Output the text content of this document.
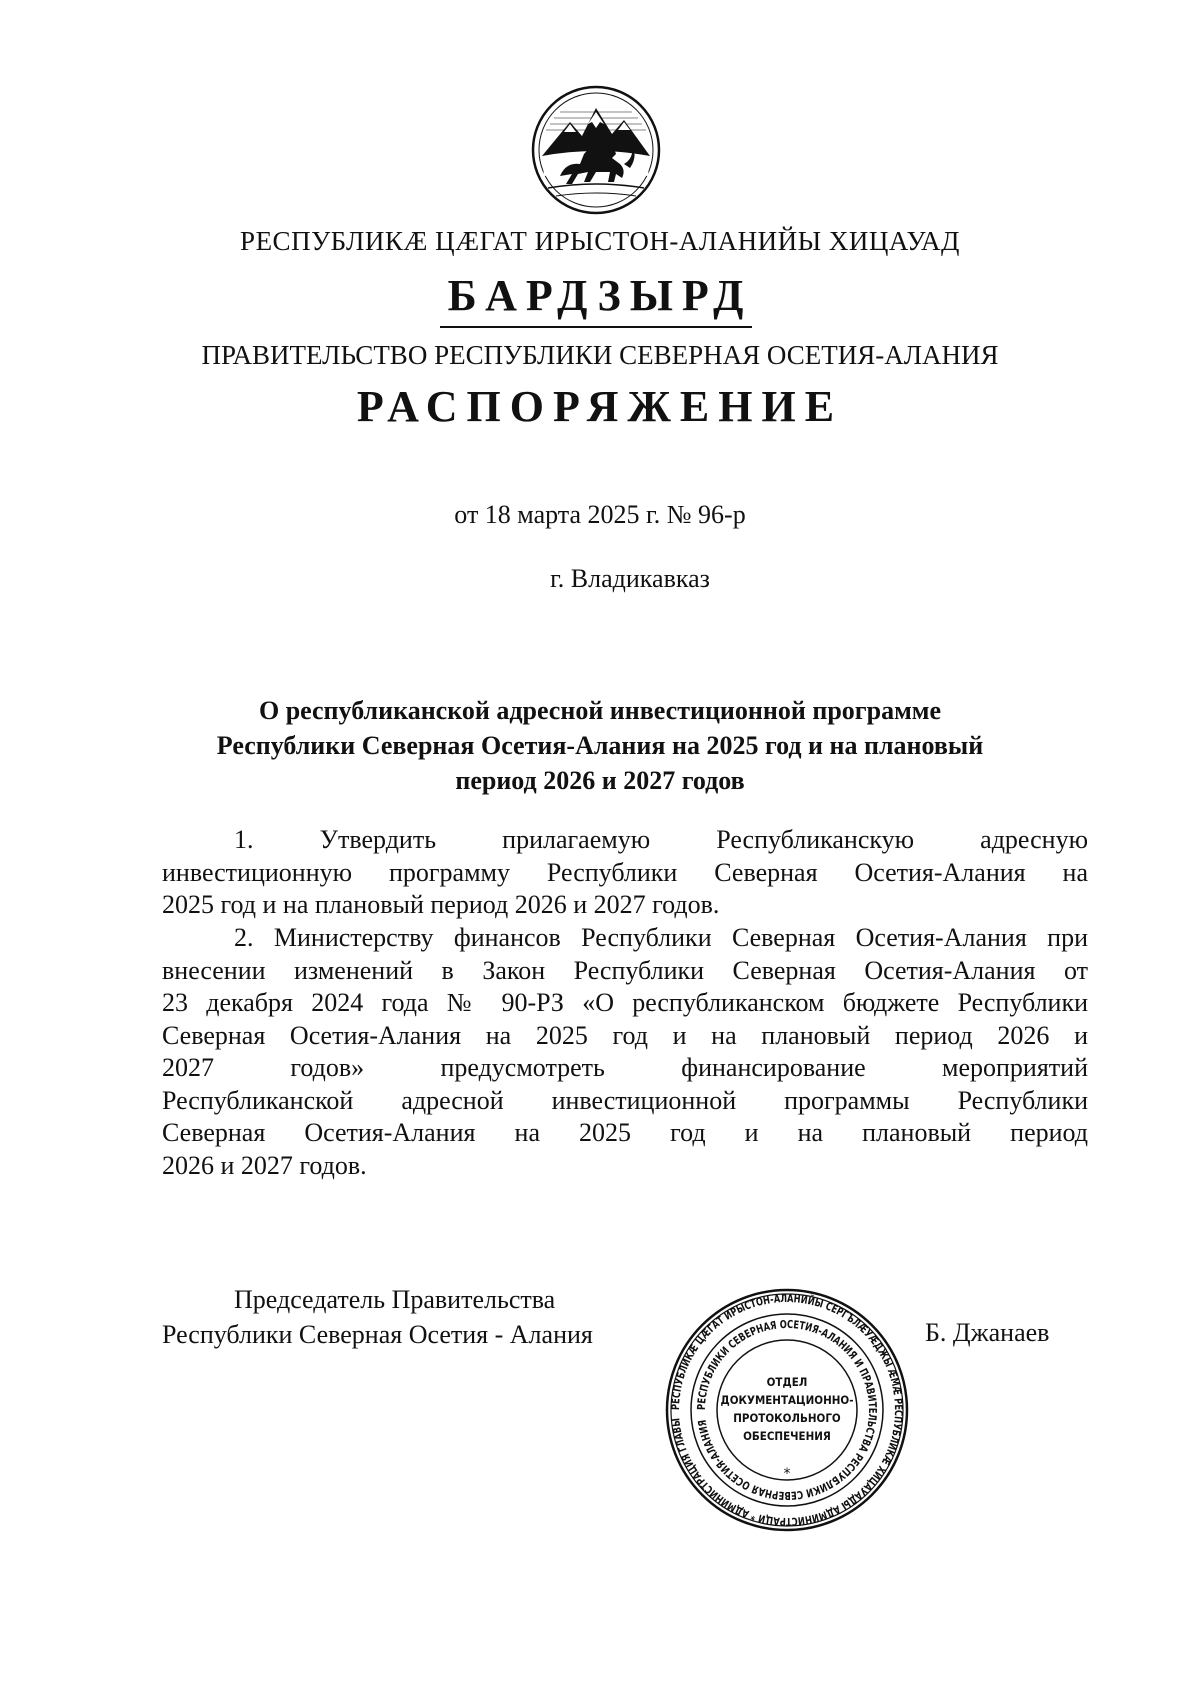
РЕСПУБЛИКÆ ЦÆГАТ ИРЫСТОН-АЛАНИЙЫ ХИЦАУАД
БАРДЗЫРД
ПРАВИТЕЛЬСТВО РЕСПУБЛИКИ СЕВЕРНАЯ ОСЕТИЯ-АЛАНИЯ
РАСПОРЯЖЕНИЕ
от 18 марта 2025 г. № 96-р
г. Владикавказ
О республиканской адресной инвестиционной программе
Республики Северная Осетия-Алания на 2025 год и на плановый
период 2026 и 2027 годов
1. Утвердить прилагаемую Республиканскую адресную
инвестиционную программу Республики Северная Осетия-Алания на
2025 год и на плановый период 2026 и 2027 годов.
2. Министерству финансов Республики Северная Осетия-Алания при
внесении изменений в Закон Республики Северная Осетия-Алания от
23 декабря 2024 года № 90-РЗ «О республиканском бюджете Республики
Северная Осетия-Алания на 2025 год и на плановый период 2026 и
2027 годов» предусмотреть финансирование мероприятий
Республиканской адресной инвестиционной программы Республики
Северная Осетия-Алания на 2025 год и на плановый период
2026 и 2027 годов.
Председатель Правительства
Республики Северная Осетия - Алания	Б. Джанаев
РЕСПУБЛИКÆ ЦÆГАТ ИРЫСТОН-АЛАНИЙЫ СЕРГЪЛÆУÆДЖЫ ÆМÆ РЕСПУБЛИКÆ ХИЦАУАДЫ АДМИНИСТРАЦИ * АДМИНИСТРАЦИЯ ГЛАВЫ
РЕСПУБЛИКИ СЕВЕРНАЯ ОСЕТИЯ-АЛАНИЯ И ПРАВИТЕЛЬСТВА РЕСПУБЛИКИ СЕВЕРНАЯ ОСЕТИЯ-АЛАНИЯ
ОТДЕЛ
ДОКУМЕНТАЦИОННО-
ПРОТОКОЛЬНОГО
ОБЕСПЕЧЕНИЯ
*
